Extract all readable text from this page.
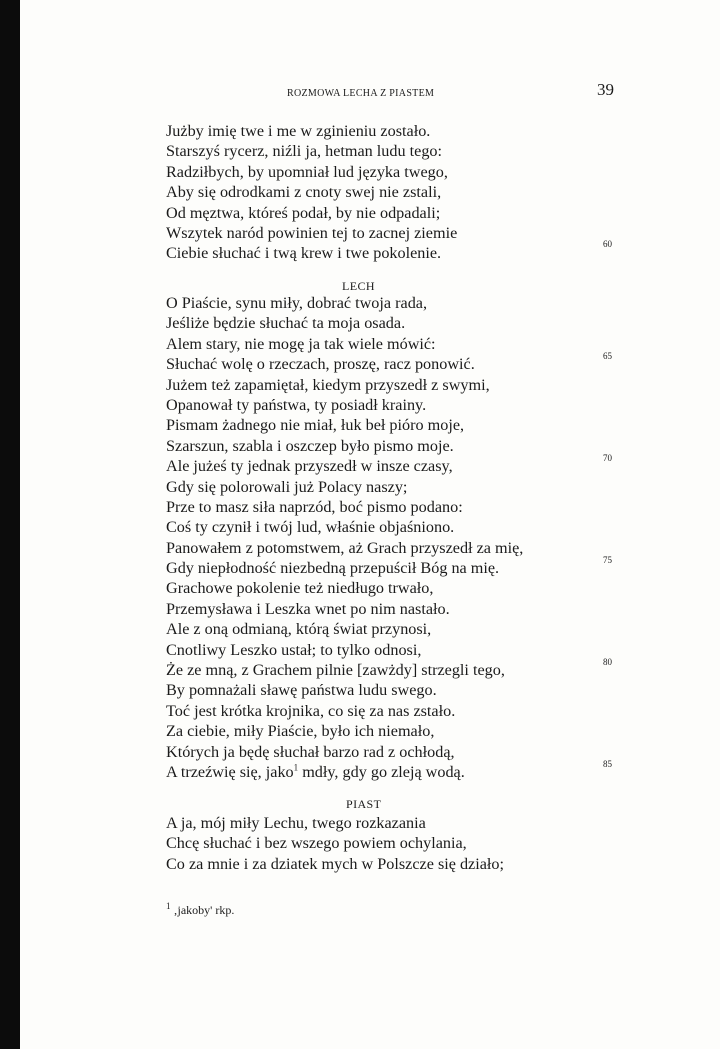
ROZMOWA LECHA Z PIASTEM	39
Jużby imię twe i me w zginieniu zostało.
Starszyś rycerz, niźli ja, hetman ludu tego:
Radziłbych, by upomniał lud języka twego,
Aby się odrodkami z cnoty swej nie zstali,
Od męztwa, któreś podał, by nie odpadali;
Wszytek naród powinien tej to zacnej ziemie
Ciebie słuchać i twą krew i twe pokolenie.
LECH
O Piaście, synu miły, dobrać twoja rada,
Jeśliże będzie słuchać ta moja osada.
Alem stary, nie mogę ja tak wiele mówić:
Słuchać wolę o rzeczach, proszę, racz ponowić.
Jużem też zapamiętał, kiedym przyszedł z swymi,
Opanował ty państwa, ty posiadł krainy.
Pismam żadnego nie miał, łuk beł pióro moje,
Szarszun, szabla i oszczep było pismo moje.
Ale jużeś ty jednak przyszedł w insze czasy,
Gdy się polorowali już Polacy naszy;
Prze to masz siła naprzód, boć pismo podano:
Coś ty czynił i twój lud, właśnie objaśniono.
Panowałem z potomstwem, aż Grach przyszedł za mię,
Gdy niepłodność niezbedną przepuścił Bóg na mię.
Grachowe pokolenie też niedługo trwało,
Przemysława i Leszka wnet po nim nastało.
Ale z oną odmianą, którą świat przynosi,
Cnotliwy Leszko ustał; to tylko odnosi,
Że ze mną, z Grachem pilnie [zawżdy] strzegli tego,
By pomnażali sławę państwa ludu swego.
Toć jest krótka krojnika, co się za nas zstało.
Za ciebie, miły Piaście, było ich niemało,
Których ja będę słuchał barzo rad z ochłodą,
A trzeźwię się, jako$^1$ mdły, gdy go zleją wodą.
PIAST
A ja, mój miły Lechu, twego rozkazania
Chcę słuchać i bez wszego powiem ochylania,
Co za mnie i za dziatek mych w Polszcze się działo;
60
65
70
75
80
85
$^1$ ‚jakoby' rkp.
